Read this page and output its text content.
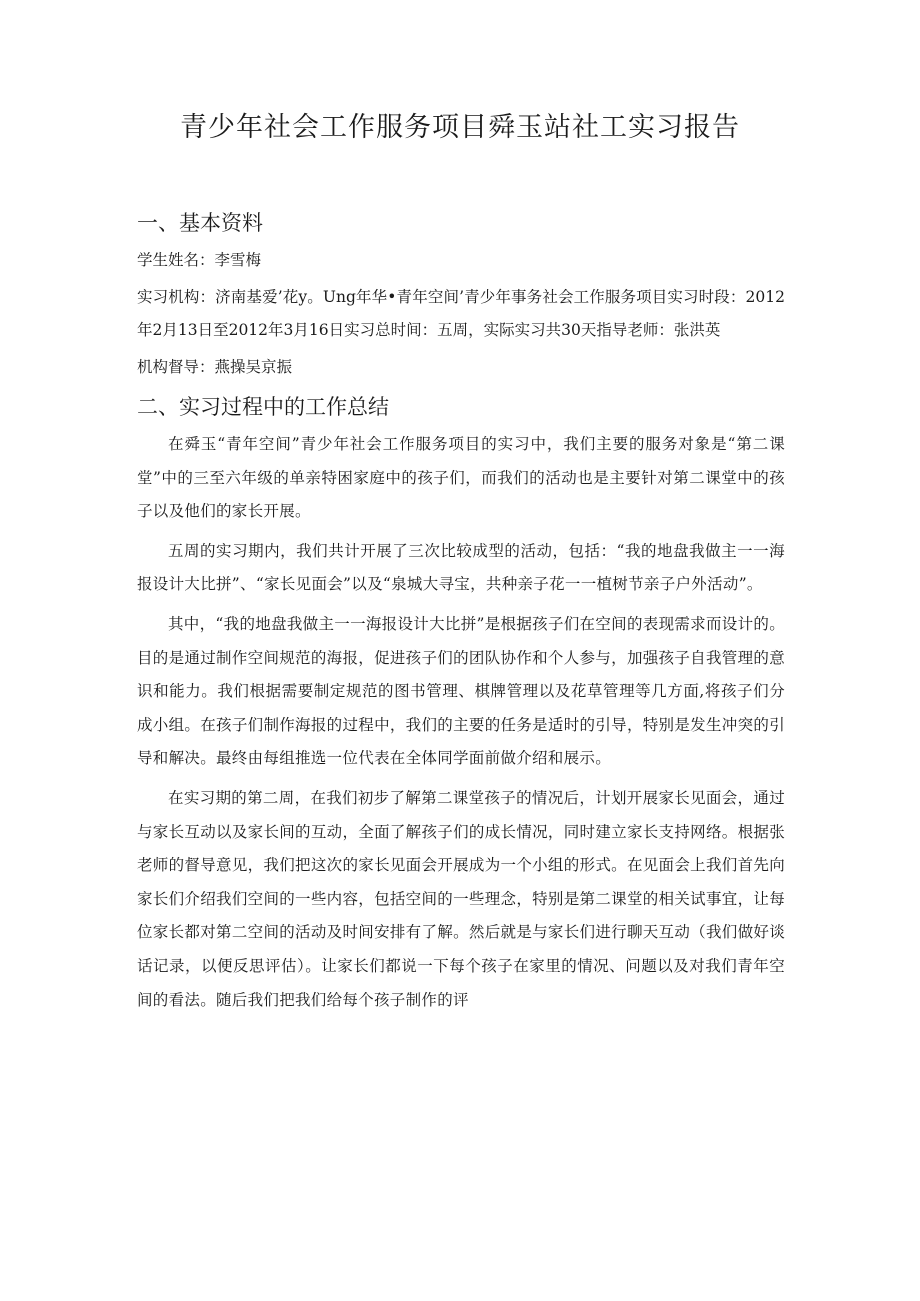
青少年社会工作服务项目舜玉站社工实习报告
一、基本资料

学生姓名：李雪梅

实习机构：济南基爱’花y。Ung年华•青年空间’青少年事务社会工作服务项目实习时段：2012年2月13日至2012年3月16日实习总时间：五周，实际实习共30天指导老师：张洪英

机构督导：燕操吴京振

二、实习过程中的工作总结

在舜玉“青年空间”青少年社会工作服务项目的实习中，我们主要的服务对象是“第二课堂”中的三至六年级的单亲特困家庭中的孩子们，而我们的活动也是主要针对第二课堂中的孩子以及他们的家长开展。

五周的实习期内，我们共计开展了三次比较成型的活动，包括：“我的地盘我做主一一海报设计大比拼”、“家长见面会”以及“泉城大寻宝，共种亲子花一一植树节亲子户外活动”。

其中，“我的地盘我做主一一海报设计大比拼”是根据孩子们在空间的表现需求而设计的。目的是通过制作空间规范的海报，促进孩子们的团队协作和个人参与，加强孩子自我管理的意识和能力。我们根据需要制定规范的图书管理、棋牌管理以及花草管理等几方面,将孩子们分成小组。在孩子们制作海报的过程中，我们的主要的任务是适时的引导，特别是发生冲突的引导和解决。最终由每组推选一位代表在全体同学面前做介绍和展示。

在实习期的第二周，在我们初步了解第二课堂孩子的情况后，计划开展家长见面会，通过与家长互动以及家长间的互动，全面了解孩子们的成长情况，同时建立家长支持网络。根据张老师的督导意见，我们把这次的家长见面会开展成为一个小组的形式。在见面会上我们首先向家长们介绍我们空间的一些内容，包括空间的一些理念，特别是第二课堂的相关试事宜，让每位家长都对第二空间的活动及时间安排有了解。然后就是与家长们进行聊天互动（我们做好谈话记录，以便反思评估）。让家长们都说一下每个孩子在家里的情况、问题以及对我们青年空间的看法。随后我们把我们给每个孩子制作的评
